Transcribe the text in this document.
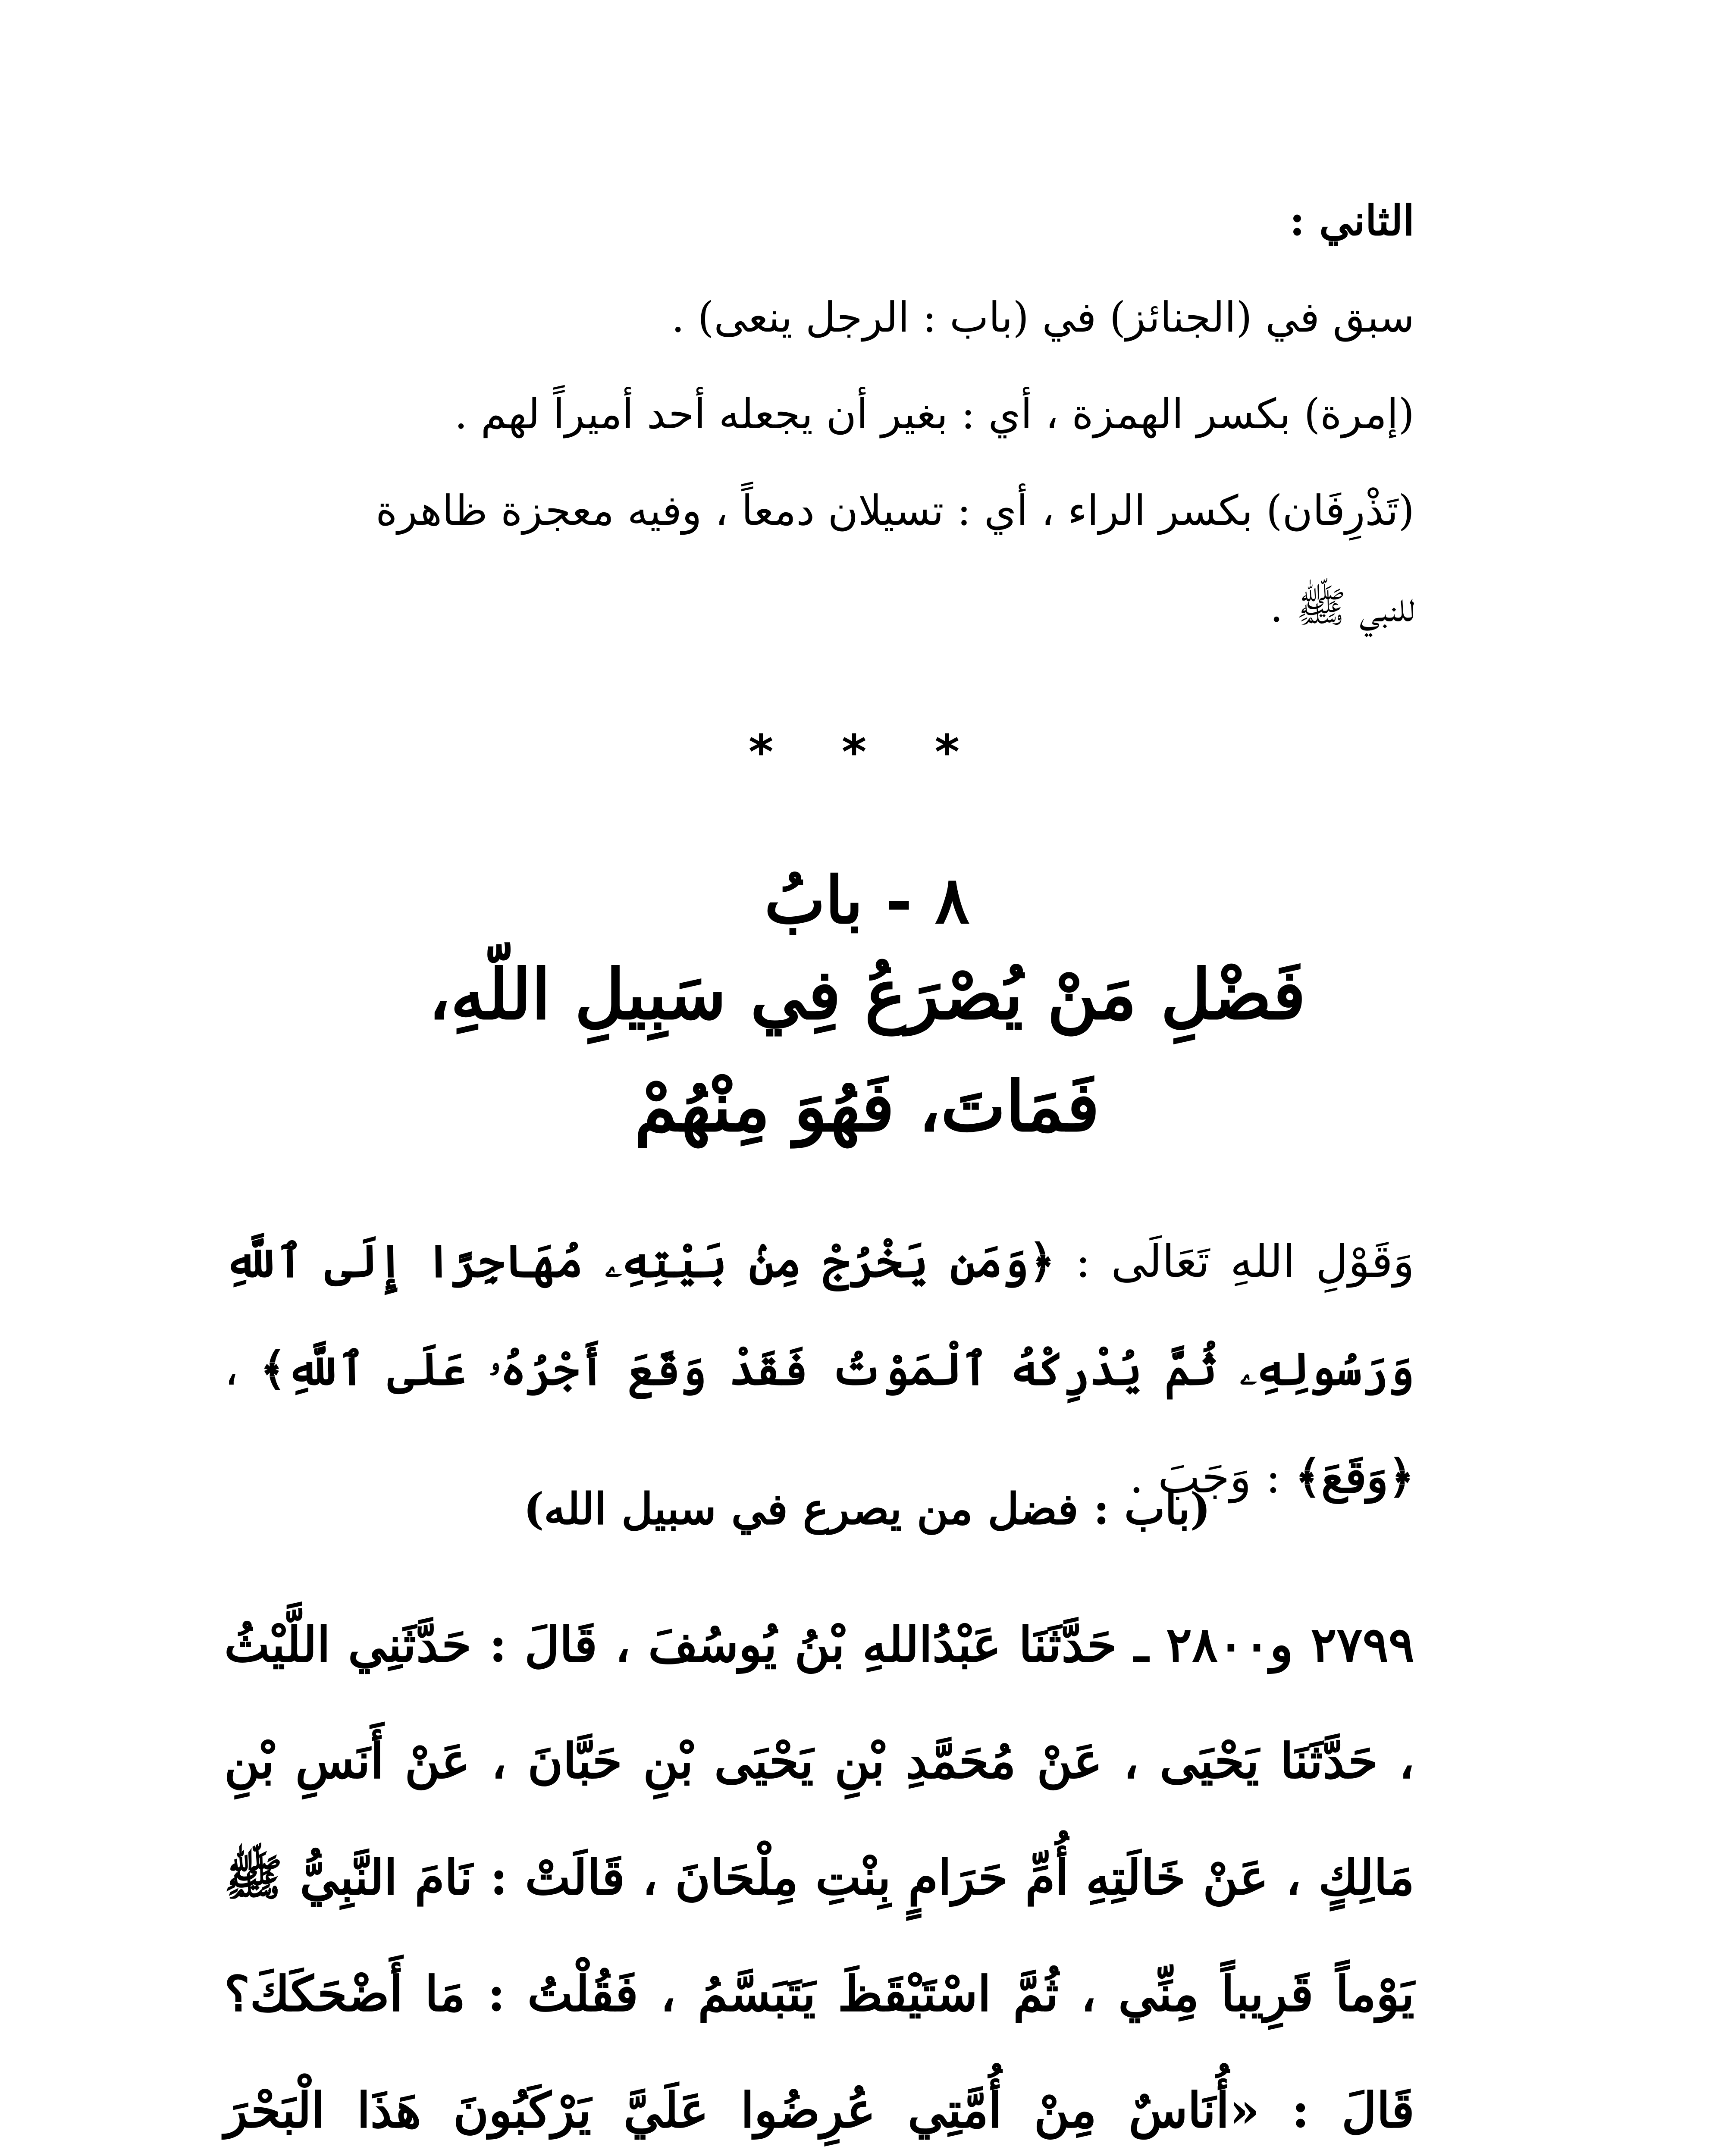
الثاني :
سبق في (الجنائز) في (باب : الرجل ينعى) .
(إمرة) بكسر الهمزة ، أي : بغير أن يجعله أحد أميراً لهم .
(تَذْرِفَان) بكسر الراء ، أي : تسيلان دمعاً ، وفيه معجزة ظاهرة
للنبي ﷺ .
* * *
٨ - بابُ
فَضْلِ مَنْ يُصْرَعُ فِي سَبِيلِ اللّهِ،
فَمَاتَ، فَهُوَ مِنْهُمْ
وَقَوْلِ اللهِ تَعَالَى : ﴿وَمَن يَخْرُجْ مِنۢ بَيْتِهِۦ مُهَاجِرًا إِلَى ٱللَّهِ وَرَسُولِهِۦ ثُمَّ يُدْرِكْهُ ٱلْمَوْتُ فَقَدْ وَقَعَ أَجْرُهُۥ عَلَى ٱللَّهِ﴾ ، ﴿وَقَعَ﴾ : وَجَبَ .
(باب : فضل من يصرع في سبيل الله)
٢٧٩٩ و٢٨٠٠ ـ حَدَّثَنَا عَبْدُاللهِ بْنُ يُوسُفَ ، قَالَ : حَدَّثَنِي اللَّيْثُ ، حَدَّثَنَا يَحْيَى ، عَنْ مُحَمَّدِ بْنِ يَحْيَى بْنِ حَبَّانَ ، عَنْ أَنَسِ بْنِ مَالِكٍ ، عَنْ خَالَتِهِ أُمِّ حَرَامٍ بِنْتِ مِلْحَانَ ، قَالَتْ : نَامَ النَّبِيُّ ﷺ يَوْماً قَرِيباً مِنِّي ، ثُمَّ اسْتَيْقَظَ يَتَبَسَّمُ ، فَقُلْتُ : مَا أَضْحَكَكَ؟ قَالَ : «أُنَاسٌ مِنْ أُمَّتِي عُرِضُوا عَلَيَّ يَرْكَبُونَ هَذَا الْبَحْرَ
